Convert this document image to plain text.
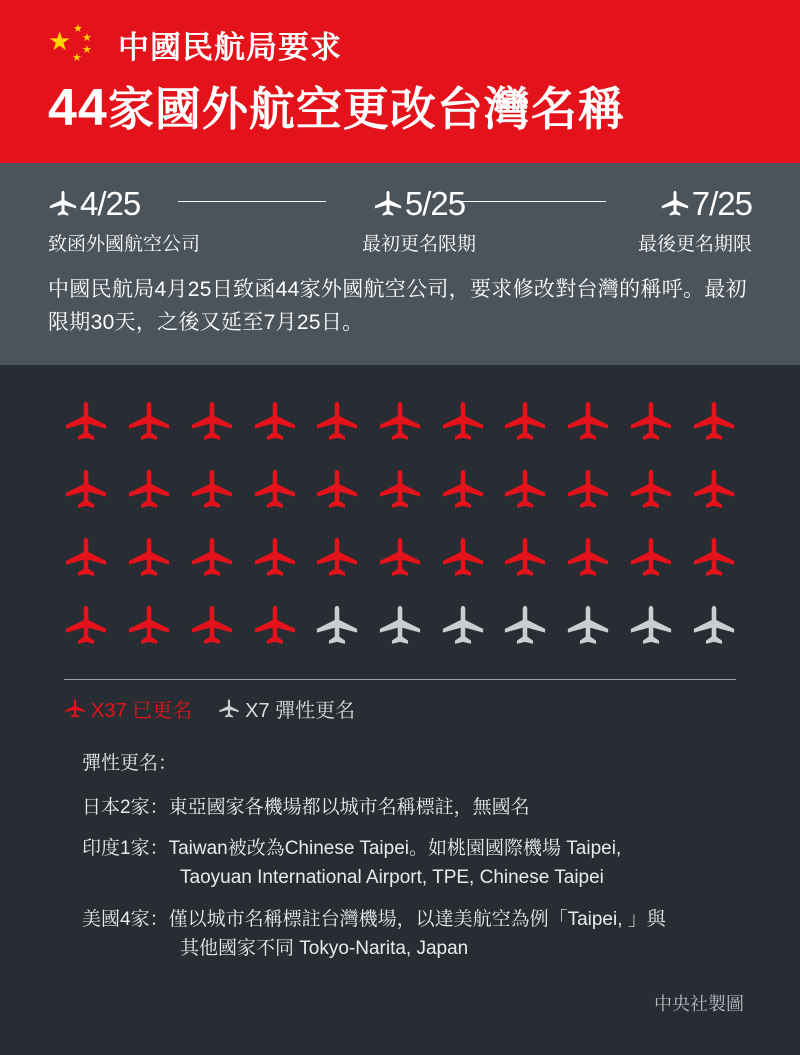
★ ★
★
★
★ 中國民航局要求
44家國外航空更改台灣名稱
4/25
致函外國航空公司
5/25
最初更名限期
7/25
最後更名期限
中國民航局4月25日致函44家外國航空公司，要求修改對台灣的稱呼。最初限期30天，之後又延至7月25日。
X37 已更名	X7 彈性更名
彈性更名：
日本2家：東亞國家各機場都以城市名稱標註，無國名
印度1家：Taiwan被改為Chinese Taipei。如桃園國際機場 Taipei,
Taoyuan International Airport, TPE, Chinese Taipei
美國4家：僅以城市名稱標註台灣機場，以達美航空為例「Taipei, 」與
其他國家不同 Tokyo-Narita, Japan
中央社製圖
